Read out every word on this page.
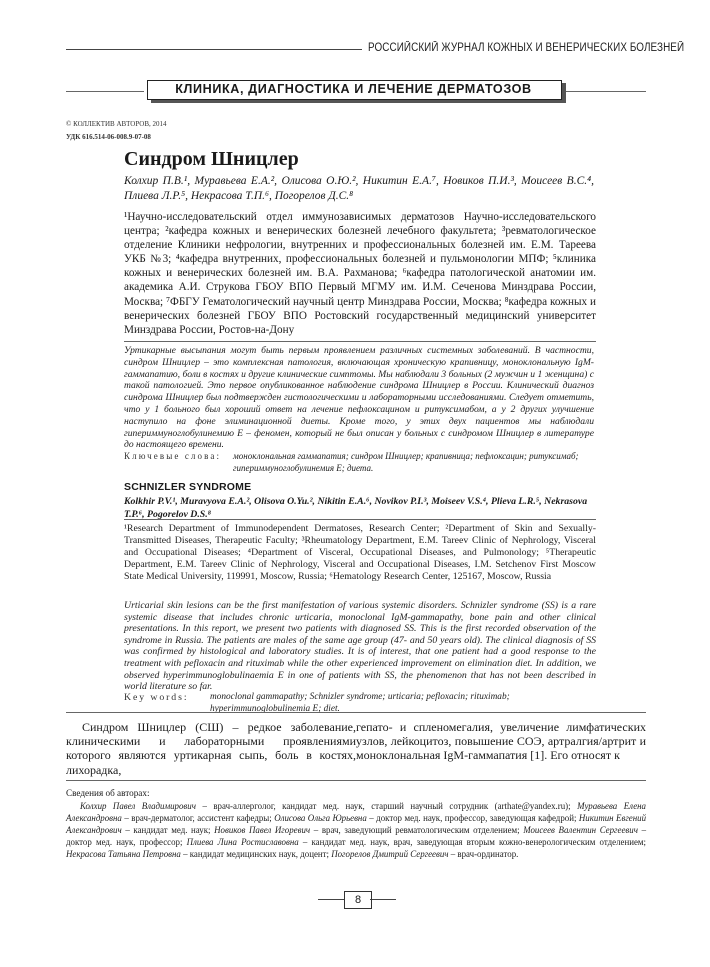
РОССИЙСКИЙ ЖУРНАЛ КОЖНЫХ И ВЕНЕРИЧЕСКИХ БОЛЕЗНЕЙ
КЛИНИКА, ДИАГНОСТИКА И ЛЕЧЕНИЕ ДЕРМАТОЗОВ
© КОЛЛЕКТИВ АВТОРОВ, 2014
УДК 616.514-06-008.9-07-08
Синдром Шницлер
Колхир П.В.¹, Муравьева Е.А.², Олисова О.Ю.², Никитин Е.А.⁷, Новиков П.И.³, Моисеев В.С.⁴, Плиева Л.Р.⁵, Некрасова Т.П.⁶, Погорелов Д.С.⁸
¹Научно-исследовательский отдел иммунозависимых дерматозов Научно-исследовательского центра; ²кафедра кожных и венерических болезней лечебного факультета; ³ревматологическое отделение Клиники нефрологии, внутренних и профессиональных болезней им. Е.М. Тареева УКБ №3; ⁴кафедра внутренних, профессиональных болезней и пульмонологии МПФ; ⁵клиника кожных и венерических болезней им. В.А. Рахманова; ⁶кафедра патологической анатомии им. академика А.И. Струкова ГБОУ ВПО Первый МГМУ им. И.М. Сеченова Минздрава России, Москва; ⁷ФБГУ Гематологический научный центр Минздрава России, Москва; ⁸кафедра кожных и венерических болезней ГБОУ ВПО Ростовский государственный медицинский университет Минздрава России, Ростов-на-Дону
Уртикарные высыпания могут быть первым проявлением различных системных заболеваний. В частности, синдром Шницлер – это комплексная патология, включающая хроническую крапивницу, моноклональную IgM-гаммапатию, боли в костях и другие клинические симптомы. Мы наблюдали 3 больных (2 мужчин и 1 женщина) с такой патологией. Это первое опубликованное наблюдение синдрома Шницлер в России. Клинический диагноз синдрома Шницлер был подтвержден гистологическими и лабораторными исследованиями. Следует отметить, что у 1 больного был хороший ответ на лечение пефлоксацином и ритуксимабом, а у 2 других улучшение наступило на фоне элиминационной диеты. Кроме того, у этих двух пациентов мы наблюдали гипериммуноглобулинемию Е – феномен, который не был описан у больных с синдромом Шницлер в литературе до настоящего времени.
Ключевые слова: моноклональная гаммапатия; синдром Шницлер; крапивница; пефлоксацин; ритуксимаб; гипериммуноглобулинемия Е; диета.
SCHNIZLER SYNDROME
Kolkhir P.V.¹, Muravyova E.A.², Olisova O.Yu.², Nikitin E.A.⁶, Novikov P.I.³, Moiseev V.S.⁴, Plieva L.R.⁵, Nekrasova T.P.⁶, Pogorelov D.S.⁸
¹Research Department of Immunodependent Dermatoses, Research Center; ²Department of Skin and Sexually-Transmitted Diseases, Therapeutic Faculty; ³Rheumatology Department, E.M. Tareev Clinic of Nephrology, Visceral and Occupational Diseases; ⁴Department of Visceral, Occupational Diseases, and Pulmonology; ⁵Therapeutic Department, E.M. Tareev Clinic of Nephrology, Visceral and Occupational Diseases, I.M. Setchenov First Moscow State Medical University, 119991, Moscow, Russia; ⁶Hematology Research Center, 125167, Moscow, Russia
Urticarial skin lesions can be the first manifestation of various systemic disorders. Schnizler syndrome (SS) is a rare systemic disease that includes chronic urticaria, monoclonal IgM-gammapathy, bone pain and other clinical presentations. In this report, we present two patients with diagnosed SS. This is the first recorded observation of the syndrome in Russia. The patients are males of the same age group (47- and 50 years old). The clinical diagnosis of SS was confirmed by histological and laboratory studies. It is of interest, that one patient had a good response to the treatment with pefloxacin and rituximab while the other experienced improvement on elimination diet. In addition, we observed hyperimmunoglobulinaemia E in one of patients with SS, the phenomenon that has not been described in world literature so far.
Key words: monoclonal gammapathy; Schnizler syndrome; urticaria; pefloxacin; rituximab; hyperimmunoglobulinemia E; diet.
Синдром Шницлер (СШ) – редкое заболевание, клиническими и лабораторными проявлениями которого являются уртикарная сыпь, боль в костях, лихорадка,
гепато- и спленомегалия, увеличение лимфатических узлов, лейкоцитоз, повышение СОЭ, артралгия/артрит и моноклональная IgM-гаммапатия [1]. Его относят к
Сведения об авторах:
Колхир Павел Владимирович – врач-аллерголог, кандидат мед. наук, старший научный сотрудник (arthate@yandex.ru); Муравьева Елена Александровна – врач-дерматолог, ассистент кафедры; Олисова Ольга Юрьевна – доктор мед. наук, профессор, заведующая кафедрой; Никитин Евгений Александрович – кандидат мед. наук; Новиков Павел Игоревич – врач, заведующий ревматологическим отделением; Моисеев Валентин Сергеевич – доктор мед. наук, профессор; Плиева Лина Ростиславовна – кандидат мед. наук, врач, заведующая вторым кожно-венерологическим отделением; Некрасова Татьяна Петровна – кандидат медицинских наук, доцент; Погорелов Дмитрий Сергеевич – врач-ординатор.
8
